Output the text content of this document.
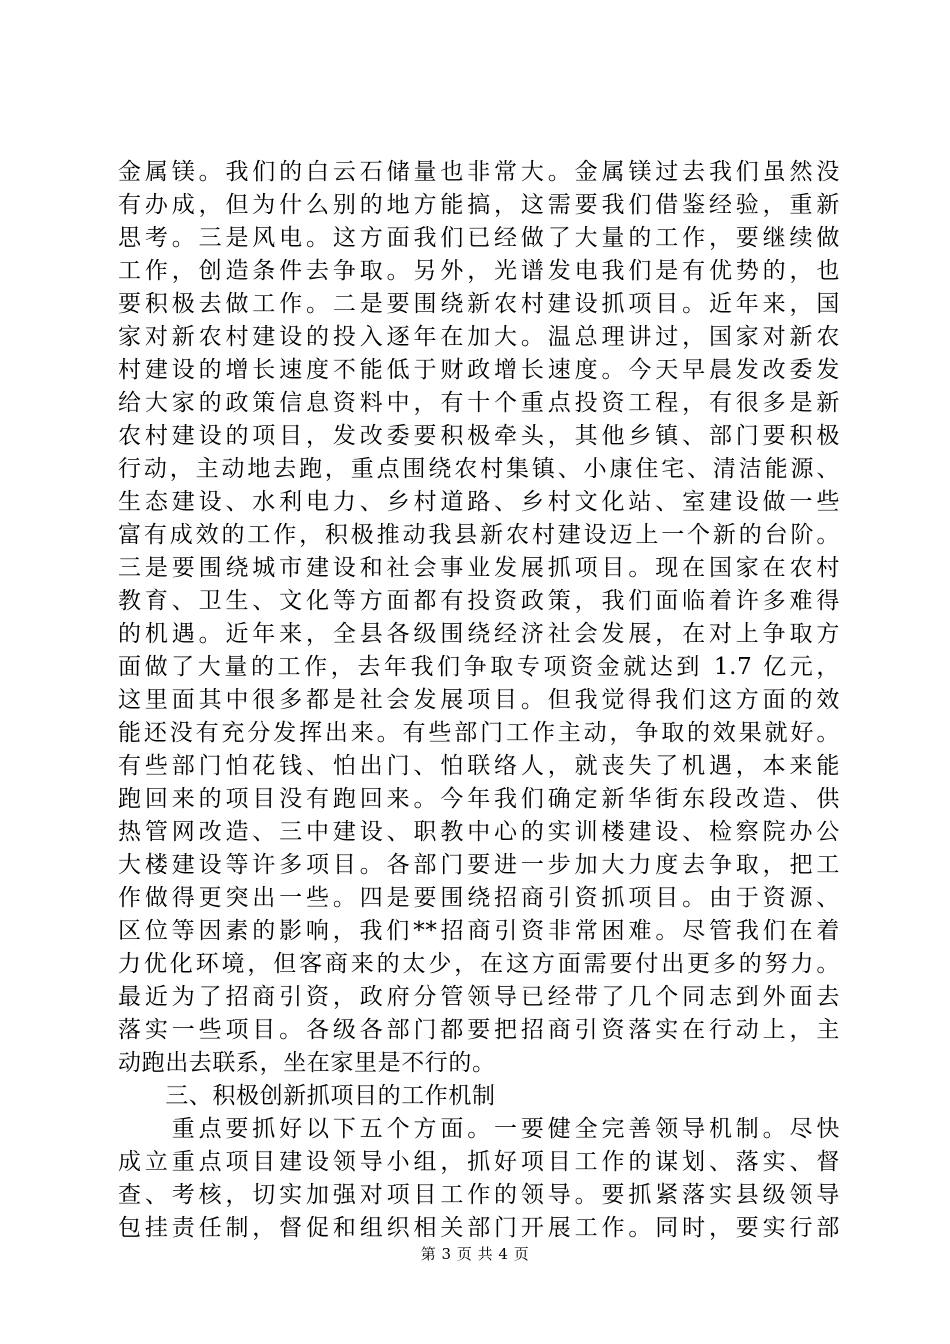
金属镁。我们的白云石储量也非常大。金属镁过去我们虽然没
有办成，但为什么别的地方能搞，这需要我们借鉴经验，重新
思考。三是风电。这方面我们已经做了大量的工作，要继续做
工作，创造条件去争取。另外，光谱发电我们是有优势的，也
要积极去做工作。二是要围绕新农村建设抓项目。近年来，国
家对新农村建设的投入逐年在加大。温总理讲过，国家对新农
村建设的增长速度不能低于财政增长速度。今天早晨发改委发
给大家的政策信息资料中，有十个重点投资工程，有很多是新
农村建设的项目，发改委要积极牵头，其他乡镇、部门要积极
行动，主动地去跑，重点围绕农村集镇、小康住宅、清洁能源、
生态建设、水利电力、乡村道路、乡村文化站、室建设做一些
富有成效的工作，积极推动我县新农村建设迈上一个新的台阶。
三是要围绕城市建设和社会事业发展抓项目。现在国家在农村
教育、卫生、文化等方面都有投资政策，我们面临着许多难得
的机遇。近年来，全县各级围绕经济社会发展，在对上争取方
面做了大量的工作，去年我们争取专项资金就达到 1.7 亿元，
这里面其中很多都是社会发展项目。但我觉得我们这方面的效
能还没有充分发挥出来。有些部门工作主动，争取的效果就好。
有些部门怕花钱、怕出门、怕联络人，就丧失了机遇，本来能
跑回来的项目没有跑回来。今年我们确定新华街东段改造、供
热管网改造、三中建设、职教中心的实训楼建设、检察院办公
大楼建设等许多项目。各部门要进一步加大力度去争取，把工
作做得更突出一些。四是要围绕招商引资抓项目。由于资源、
区位等因素的影响，我们**招商引资非常困难。尽管我们在着
力优化环境，但客商来的太少，在这方面需要付出更多的努力。
最近为了招商引资，政府分管领导已经带了几个同志到外面去
落实一些项目。各级各部门都要把招商引资落实在行动上，主
动跑出去联系，坐在家里是不行的。
　　三、积极创新抓项目的工作机制
　　重点要抓好以下五个方面。一要健全完善领导机制。尽快
成立重点项目建设领导小组，抓好项目工作的谋划、落实、督
查、考核，切实加强对项目工作的领导。要抓紧落实县级领导
包挂责任制，督促和组织相关部门开展工作。同时，要实行部
第 3 页 共 4 页
